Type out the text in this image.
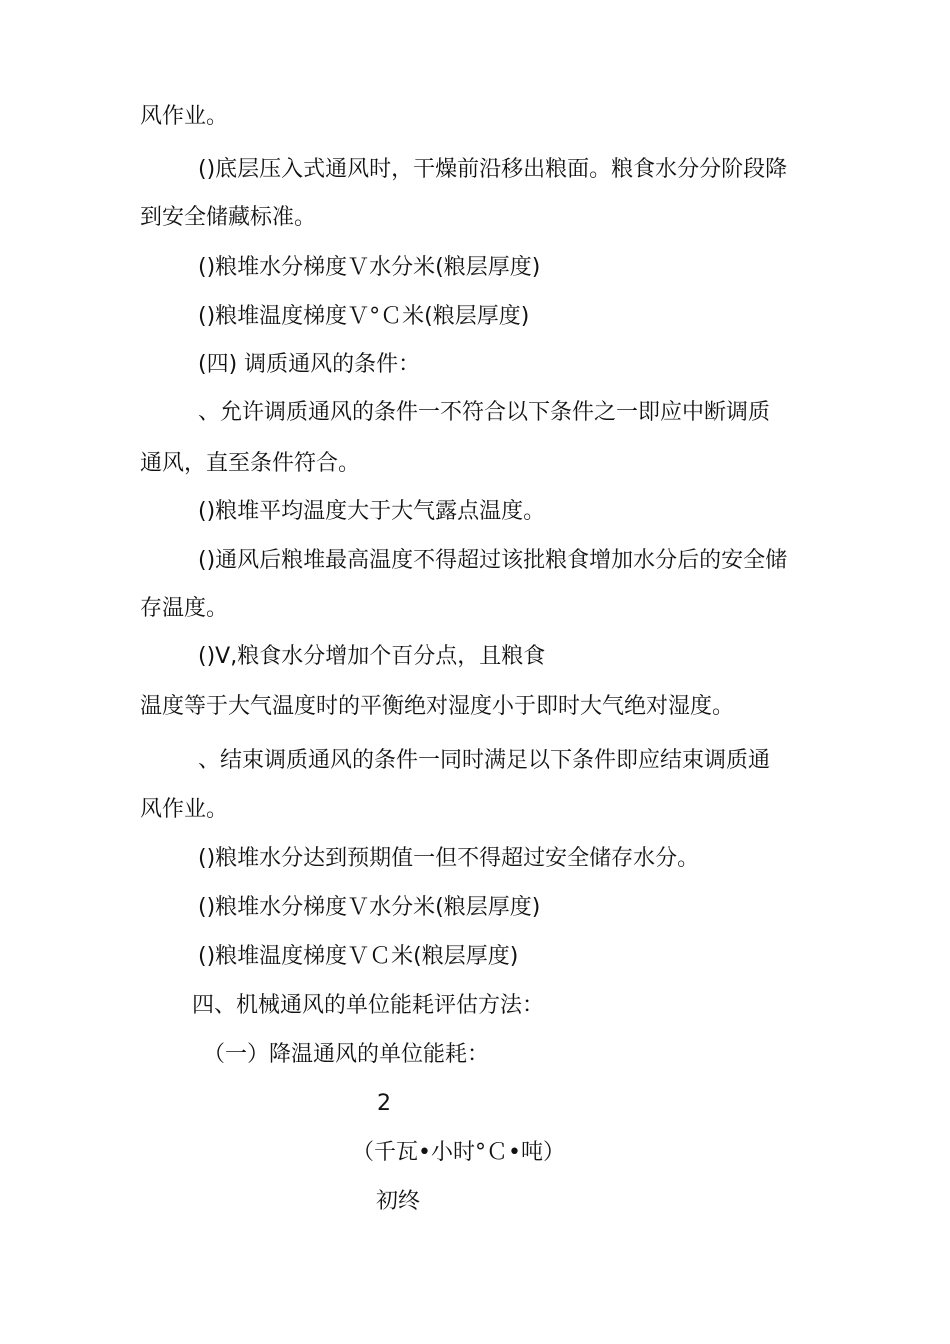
风作业。
()底层压入式通风时，干燥前沿移出粮面。粮食水分分阶段降
到安全储藏标准。
()粮堆水分梯度Ｖ水分米(粮层厚度)
()粮堆温度梯度Ｖ°Ｃ米(粮层厚度)
(四) 调质通风的条件：
、允许调质通风的条件一不符合以下条件之一即应中断调质
通风，直至条件符合。
()粮堆平均温度大于大气露点温度。
()通风后粮堆最高温度不得超过该批粮食增加水分后的安全储
存温度。
()V,粮食水分增加个百分点，且粮食
温度等于大气温度时的平衡绝对湿度小于即时大气绝对湿度。
、结束调质通风的条件一同时满足以下条件即应结束调质通
风作业。
()粮堆水分达到预期值一但不得超过安全储存水分。
()粮堆水分梯度Ｖ水分米(粮层厚度)
()粮堆温度梯度ＶＣ米(粮层厚度)
四、机械通风的单位能耗评估方法：
（一）降温通风的单位能耗：
2
（千瓦•小时°Ｃ•吨）
初终
